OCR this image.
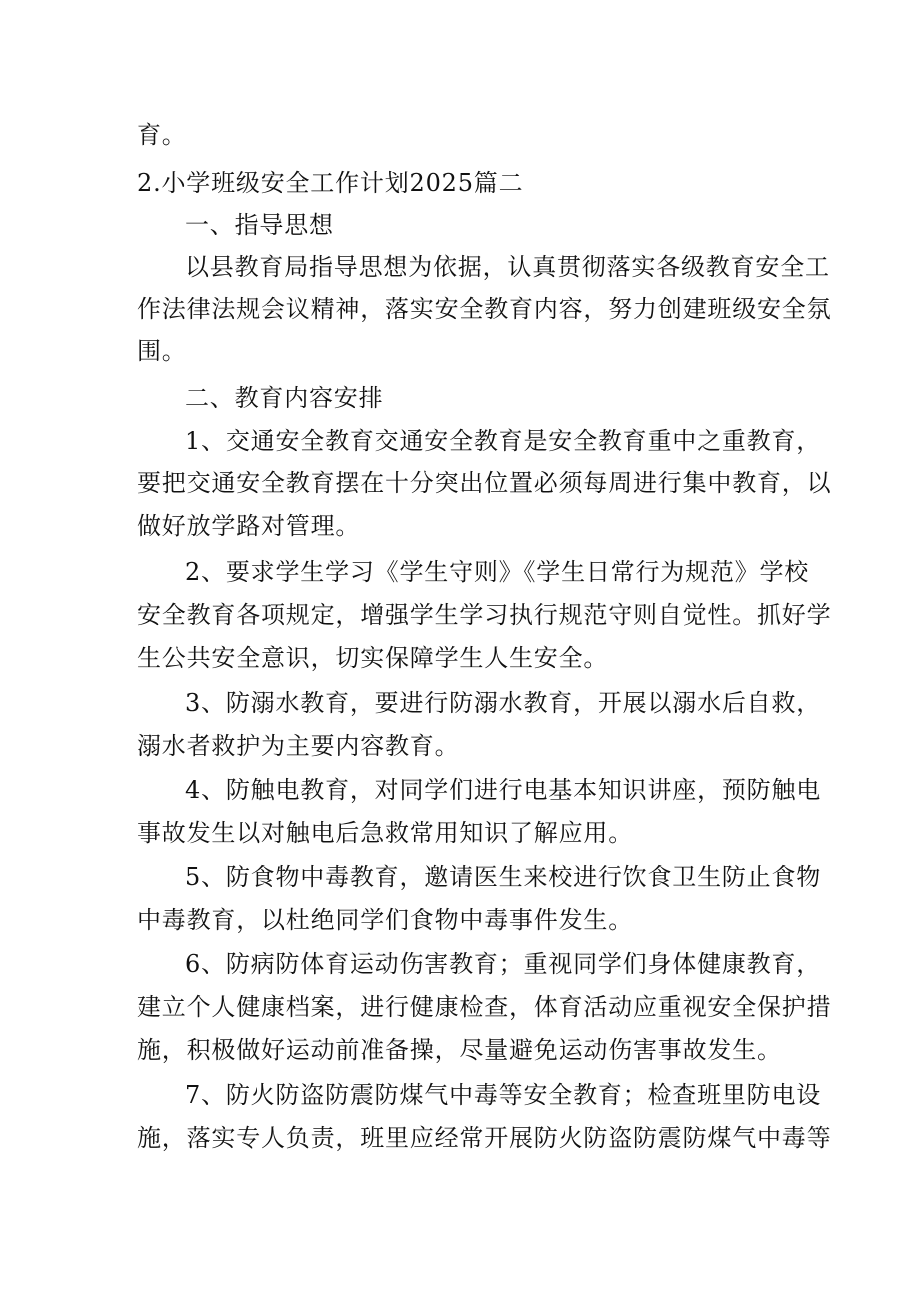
育。

2.小学班级安全工作计划2025篇二

一、指导思想

以县教育局指导思想为依据，认真贯彻落实各级教育安全工

作法律法规会议精神，落实安全教育内容，努力创建班级安全氛

围。

二、教育内容安排

1、交通安全教育交通安全教育是安全教育重中之重教育，

要把交通安全教育摆在十分突出位置必须每周进行集中教育，以

做好放学路对管理。

2、要求学生学习《学生守则》《学生日常行为规范》学校

安全教育各项规定，增强学生学习执行规范守则自觉性。抓好学

生公共安全意识，切实保障学生人生安全。

3、防溺水教育，要进行防溺水教育，开展以溺水后自救，

溺水者救护为主要内容教育。

4、防触电教育，对同学们进行电基本知识讲座，预防触电

事故发生以对触电后急救常用知识了解应用。

5、防食物中毒教育，邀请医生来校进行饮食卫生防止食物

中毒教育，以杜绝同学们食物中毒事件发生。

6、防病防体育运动伤害教育；重视同学们身体健康教育，

建立个人健康档案，进行健康检查，体育活动应重视安全保护措

施，积极做好运动前准备操，尽量避免运动伤害事故发生。

7、防火防盗防震防煤气中毒等安全教育；检查班里防电设

施，落实专人负责，班里应经常开展防火防盗防震防煤气中毒等
